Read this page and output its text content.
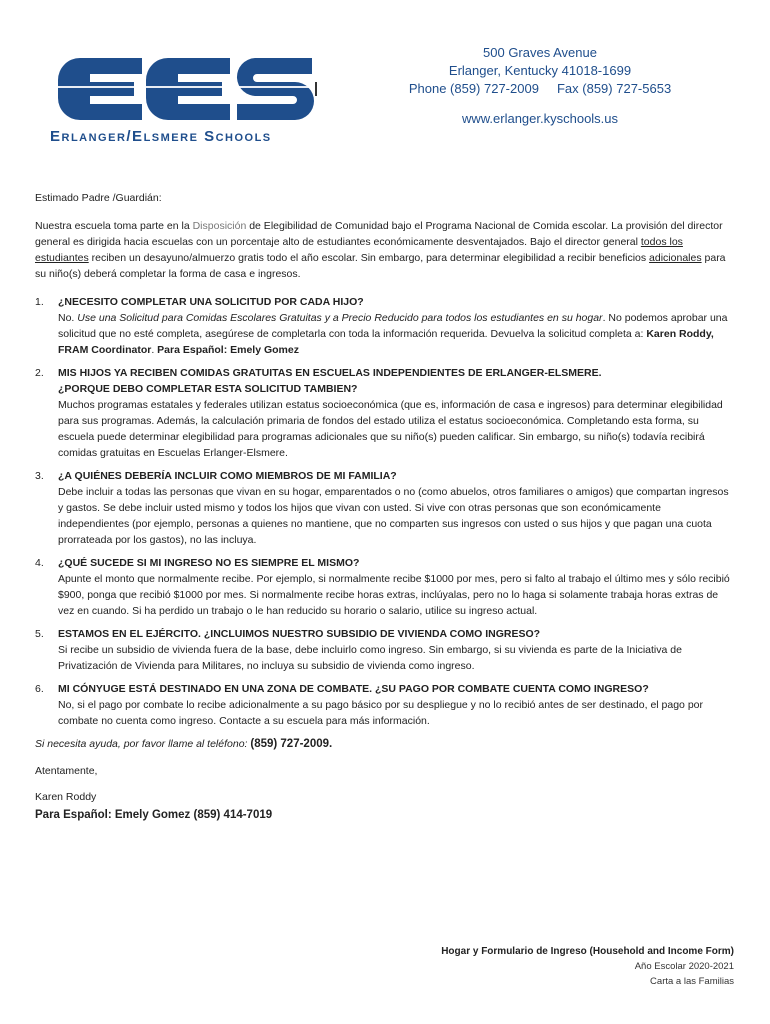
Erlanger/Elsmere Schools
500 Graves Avenue
Erlanger, Kentucky 41018-1699
Phone (859) 727-2009     Fax (859) 727-5653
www.erlanger.kyschools.us

Estimado Padre /Guardián:

Nuestra escuela toma parte en la Disposición de Elegibilidad de Comunidad bajo el Programa Nacional de Comida escolar. La provisión del director general es dirigida hacia escuelas con un porcentaje alto de estudiantes económicamente desventajados. Bajo el director general todos los estudiantes reciben un desayuno/almuerzo gratis todo el año escolar. Sin embargo, para determinar elegibilidad a recibir beneficios adicionales para su niño(s) deberá completar la forma de casa e ingresos.

1.	¿NECESITO COMPLETAR UNA SOLICITUD POR CADA HIJO?
No. Use una Solicitud para Comidas Escolares Gratuitas y a Precio Reducido para todos los estudiantes en su hogar. No podemos aprobar una solicitud que no esté completa, asegúrese de completarla con toda la información requerida. Devuelva la solicitud completa a: Karen Roddy, FRAM Coordinator. Para Español: Emely Gomez
2.	MIS HIJOS YA RECIBEN COMIDAS GRATUITAS EN ESCUELAS INDEPENDIENTES DE ERLANGER-ELSMERE.
¿PORQUE DEBO COMPLETAR ESTA SOLICITUD TAMBIEN?
Muchos programas estatales y federales utilizan estatus socioeconómica (que es, información de casa e ingresos) para determinar elegibilidad para sus programas. Además, la calculación primaria de fondos del estado utiliza el estatus socioeconómica. Completando esta forma, su escuela puede determinar elegibilidad para programas adicionales que su niño(s) pueden calificar. Sin embargo, su niño(s) todavía recibirá comidas gratuitas en Escuelas Erlanger-Elsmere.
3.	¿A QUIÉNES DEBERÍA INCLUIR COMO MIEMBROS DE MI FAMILIA?
Debe incluir a todas las personas que vivan en su hogar, emparentados o no (como abuelos, otros familiares o amigos) que compartan ingresos y gastos. Se debe incluir usted mismo y todos los hijos que vivan con usted. Si vive con otras personas que son económicamente independientes (por ejemplo, personas a quienes no mantiene, que no comparten sus ingresos con usted o sus hijos y que pagan una cuota prorrateada por los gastos), no las incluya.
4.	¿QUÉ SUCEDE SI MI INGRESO NO ES SIEMPRE EL MISMO?
Apunte el monto que normalmente recibe. Por ejemplo, si normalmente recibe $1000 por mes, pero si falto al trabajo el último mes y sólo recibió $900, ponga que recibió $1000 por mes. Si normalmente recibe horas extras, inclúyalas, pero no lo haga si solamente trabaja horas extras de vez en cuando. Si ha perdido un trabajo o le han reducido su horario o salario, utilice su ingreso actual.
5.	ESTAMOS EN EL EJÉRCITO. ¿INCLUIMOS NUESTRO SUBSIDIO DE VIVIENDA COMO INGRESO?
Si recibe un subsidio de vivienda fuera de la base, debe incluirlo como ingreso. Sin embargo, si su vivienda es parte de la Iniciativa de Privatización de Vivienda para Militares, no incluya su subsidio de vivienda como ingreso.
6.	MI CÓNYUGE ESTÁ DESTINADO EN UNA ZONA DE COMBATE. ¿SU PAGO POR COMBATE CUENTA COMO INGRESO?
No, si el pago por combate lo recibe adicionalmente a su pago básico por su despliegue y no lo recibió antes de ser destinado, el pago por combate no cuenta como ingreso. Contacte a su escuela para más información.

Si necesita ayuda, por favor llame al teléfono: (859) 727-2009.

Atentamente,

Karen Roddy

Para Español: Emely Gomez (859) 414-7019
Hogar y Formulario de Ingreso (Household and Income Form)
Año Escolar 2020-2021
Carta a las Familias
